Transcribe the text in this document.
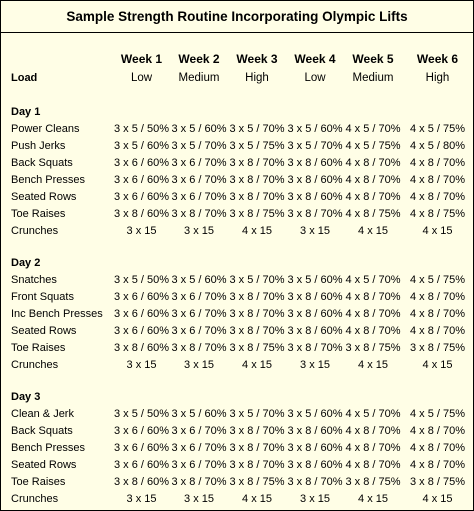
Sample Strength Routine Incorporating Olympic Lifts

	Week 1	Week 2	Week 3	Week 4	Week 5	Week 6
Load	Low	Medium	High	Low	Medium	High

Day 1						
Power Cleans	3 x 5 / 50%	3 x 5 / 60%	3 x 5 / 70%	3 x 5 / 60%	4 x 5 / 70%	4 x 5 / 75%
Push Jerks	3 x 5 / 60%	3 x 5 / 70%	3 x 5 / 75%	3 x 5 / 70%	4 x 5 / 75%	4 x 5 / 80%
Back Squats	3 x 6 / 60%	3 x 6 / 70%	3 x 8 / 70%	3 x 8 / 60%	4 x 8 / 70%	4 x 8 / 70%
Bench Presses	3 x 6 / 60%	3 x 6 / 70%	3 x 8 / 70%	3 x 8 / 60%	4 x 8 / 70%	4 x 8 / 70%
Seated Rows	3 x 6 / 60%	3 x 6 / 70%	3 x 8 / 70%	3 x 8 / 60%	4 x 8 / 70%	4 x 8 / 70%
Toe Raises	3 x 8 / 60%	3 x 8 / 70%	3 x 8 / 75%	3 x 8 / 70%	4 x 8 / 75%	4 x 8 / 75%
Crunches	3 x 15	3 x 15	4 x 15	3 x 15	4 x 15	4 x 15

Day 2						
Snatches	3 x 5 / 50%	3 x 5 / 60%	3 x 5 / 70%	3 x 5 / 60%	4 x 5 / 70%	4 x 5 / 75%
Front Squats	3 x 6 / 60%	3 x 6 / 70%	3 x 8 / 70%	3 x 8 / 60%	4 x 8 / 70%	4 x 8 / 70%
Inc Bench Presses	3 x 6 / 60%	3 x 6 / 70%	3 x 8 / 70%	3 x 8 / 60%	4 x 8 / 70%	4 x 8 / 70%
Seated Rows	3 x 6 / 60%	3 x 6 / 70%	3 x 8 / 70%	3 x 8 / 60%	4 x 8 / 70%	4 x 8 / 70%
Toe Raises	3 x 8 / 60%	3 x 8 / 70%	3 x 8 / 75%	3 x 8 / 70%	3 x 8 / 75%	3 x 8 / 75%
Crunches	3 x 15	3 x 15	4 x 15	3 x 15	4 x 15	4 x 15

Day 3						
Clean & Jerk	3 x 5 / 50%	3 x 5 / 60%	3 x 5 / 70%	3 x 5 / 60%	4 x 5 / 70%	4 x 5 / 75%
Back Squats	3 x 6 / 60%	3 x 6 / 70%	3 x 8 / 70%	3 x 8 / 60%	4 x 8 / 70%	4 x 8 / 70%
Bench Presses	3 x 6 / 60%	3 x 6 / 70%	3 x 8 / 70%	3 x 8 / 60%	4 x 8 / 70%	4 x 8 / 70%
Seated Rows	3 x 6 / 60%	3 x 6 / 70%	3 x 8 / 70%	3 x 8 / 60%	4 x 8 / 70%	4 x 8 / 70%
Toe Raises	3 x 8 / 60%	3 x 8 / 70%	3 x 8 / 75%	3 x 8 / 70%	3 x 8 / 75%	3 x 8 / 75%
Crunches	3 x 15	3 x 15	4 x 15	3 x 15	4 x 15	4 x 15
